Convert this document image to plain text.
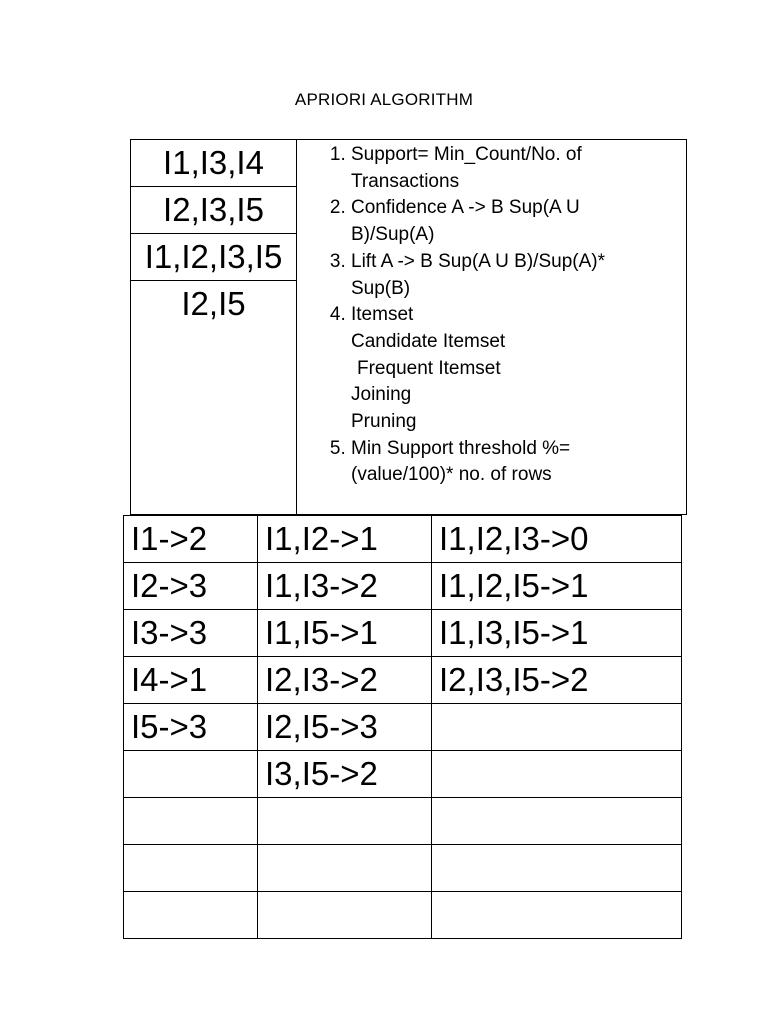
APRIORI ALGORITHM
I1,I3,I4
I2,I3,I5
I1,I2,I3,I5
I2,I5
1. Support= Min_Count/No. of
Transactions
2. Confidence A -> B Sup(A U
B)/Sup(A)
3. Lift A -> B Sup(A U B)/Sup(A)*
Sup(B)
4. Itemset
Candidate Itemset
Frequent Itemset
Joining
Pruning
5. Min Support threshold %=
(value/100)* no. of rows
I1->2	I1,I2->1	I1,I2,I3->0
I2->3	I1,I3->2	I1,I2,I5->1
I3->3	I1,I5->1	I1,I3,I5->1
I4->1	I2,I3->2	I2,I3,I5->2
I5->3	I2,I5->3	
	I3,I5->2	
